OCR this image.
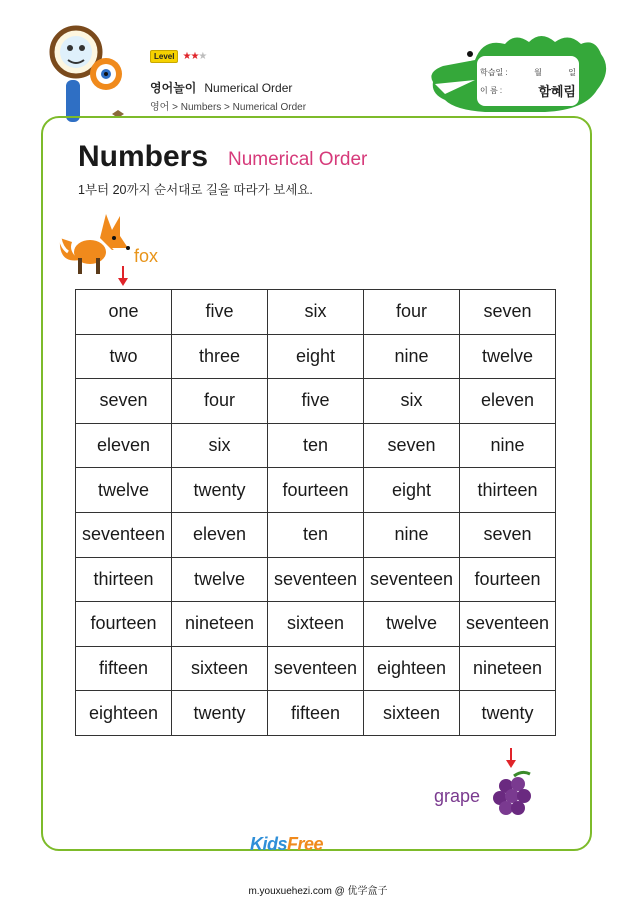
Level ★★★
영어놀이 Numerical Order
영어 > Numbers > Numerical Order
학습일 :	월	일
이 름 :	함혜림
Numbers Numerical Order
1부터 20까지 순서대로 길을 따라가 보세요.
fox
one	five	six	four	seven
two	three	eight	nine	twelve
seven	four	five	six	eleven
eleven	six	ten	seven	nine
twelve	twenty	fourteen	eight	thirteen
seventeen	eleven	ten	nine	seven
thirteen	twelve	seventeen	seventeen	fourteen
fourteen	nineteen	sixteen	twelve	seventeen
fifteen	sixteen	seventeen	eighteen	nineteen
eighteen	twenty	fifteen	sixteen	twenty
grape
KidsFree
m.youxuehezi.com @ 优学盒子
